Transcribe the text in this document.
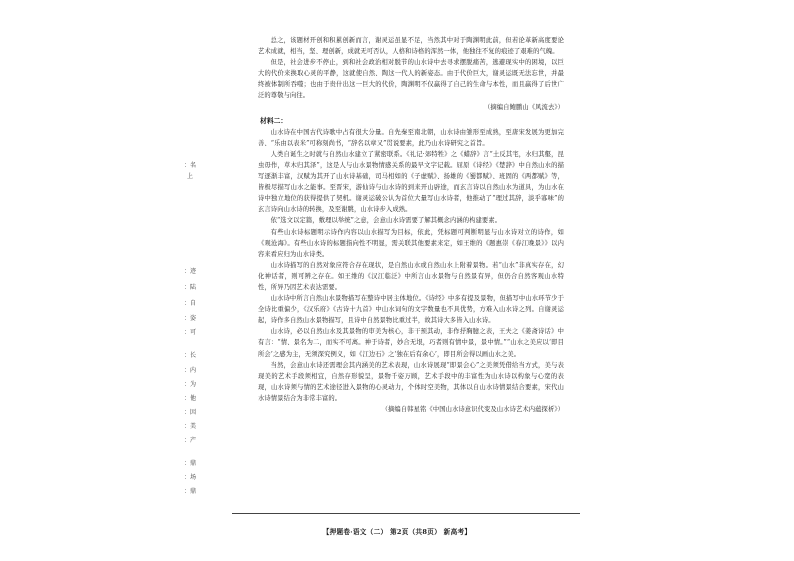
：名上
：迹
：陆
：自
：姿
：可
：长
：内
：为
：他
：因
：美
：产
：鼎
：场
：鼎

总之，该题材开创和积累创新而言，谢灵运虽显不足，当然其中对于陶渊明此前，但若论革新高度要论艺术成就，相当，坚、理创新，成就无可否认，人格和诗格的浑然一体，他独往不复的痕迹了艰难的气魄。

但是，社会进步不停止，到和社会政治相对脱节的山水诗中去寻求摆脱痛苦，逃避现实中的困境，以巨大的代价来换取心灵的平静，这就使自然、陶这一代人的新姿态。由于代价巨大，谢灵运既无法忘世，并最终被体制所吞噬；也由于贵什出这一巨大的代价，陶渊明不仅赢得了自己的生命与本性，而且赢得了后世广泛的尊敬与向往。

（摘编自鲍鹏山《风流去》）

材料二：

山水诗在中国古代诗歌中占有很大分量。自先秦至南北朝，山水诗由雏形至成熟，至唐宋发展为更加完善、“乐由以表米”可称刻尚书，“辞名以章又”贯说要素，此乃山水诗研究之首旨。

人类自诞生之时就与自然山水建立了紧密联系。《礼记·郊特牲》之《蜡辞》言“土反其宅，水归其壑，昆虫毋作，草木归其泽”，这是人与山水景物情感关系的最早文字记载。屈原《诗经》《楚辞》中自然山水的描写逐渐丰富，汉赋为其开了山水诗基础，司马相如的《子虚赋》、扬雄的《蜀都赋》、班固的《两都赋》等，皆极尽描写山水之能事。至晋宋，游仙诗与山水诗的到来开山辟途，而玄言诗以自然山水为道具，为山水在诗中独立地位的获得提供了契机。谢灵运破公认为首位大量写山水诗者，他推动了“理过其辞，淡乎寡味”的玄言诗向山水诗的转换，及至谢朓，山水诗步入成熟。

依“选文以定篇，敷理以举统”之意，会意山水诗需要了解其概念内涵的构建要素。

有些山水诗标题明示诗作内容以山水描写为目标，依此，凭标题可判断明显与山水诗对立的诗作，如《观沧海》。有些山水诗的标题指向性不明显，需关联其他要素来定，如王维的《题惠崇《春江晚景》》以内容来看应归为山水诗类。

山水诗描写的自然对象应符合存在现状，是自然山水或自然山水上附着景物。若“山水”非真实存在，幻化神话者，则可辨之存在。如王维的《汉江临泛》中所言山水景物与自然景有异，但仍合自然客观山水特性，所异乃因艺术表达需要。

山水诗中所言自然山水景物描写在整诗中居主体地位。《诗经》中多有提及景物，但描写中山水环节少于全诗比重偏少，《汉乐府》《古诗十九首》中山水词句的文字数量也不具优势，方难入山水诗之列。自谢灵运起，诗作多自然山水景物描写，且诗中自然景物比重过半，故其诗大多皆入山水诗。

山水诗，必以自然山水及其景物的审美为核心，非干预其动，非作抒胸臆之表，王夫之《姜斋诗话》中有言：“情、景名为二，而实不可离。神于诗者，妙合无垠，巧者则有情中景，景中情。”“山水之美应以‘即目所会’之感为主，无须深究例义，如《江边石》之‘独在后有余心’，即目所会得以画山水之美。

当然，会意山水诗还需理会其内涵美的艺术表现，山水诗展现“即景会心”之美须凭借给当方式，美与表现美的艺术手段须相宜，自然存形貌呈，景物千姿万顾，艺术手段中的丰富性为山水诗以构象与心宽的表现，山水诗须与情的艺术途径进入景物的心灵动力，个体时空美物，其体以自山水诗情景结合要素，宋代山水诗情景结合为非常丰富的。

（摘编自韩星铭《中国山水诗意识代变及山水诗艺术内蕴探析》）

【押题卷·语文（二） 第2页（共8页） 新高考】
